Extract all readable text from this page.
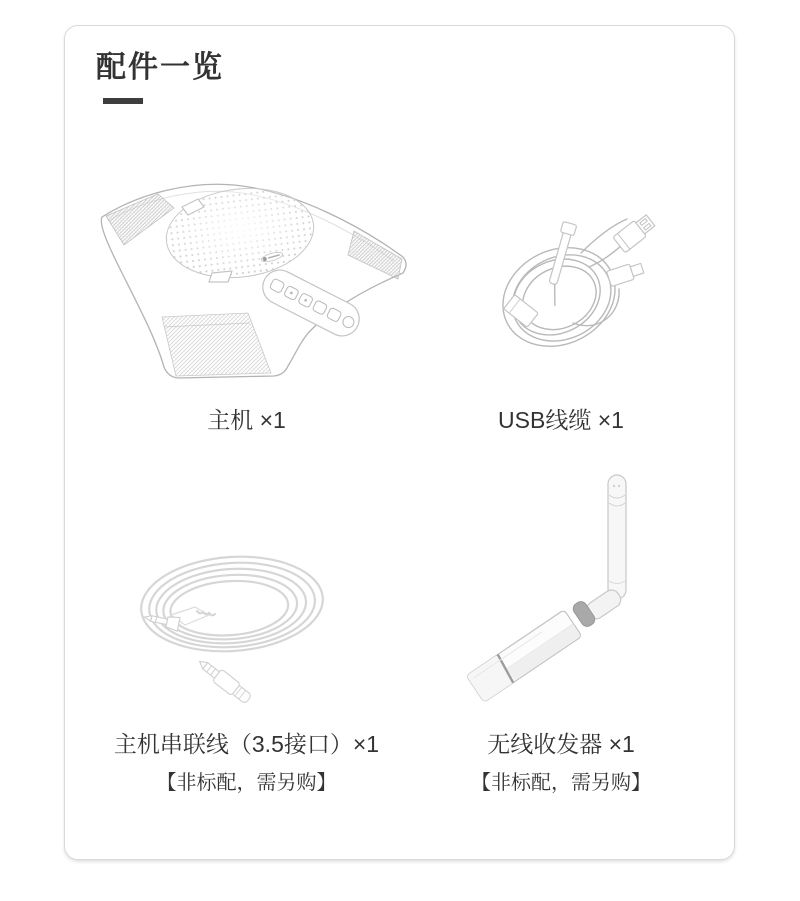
配件一览
主机 ×1	USB线缆 ×1
主机串联线（3.5接口）×1
【非标配，需另购】
无线收发器 ×1
【非标配，需另购】
